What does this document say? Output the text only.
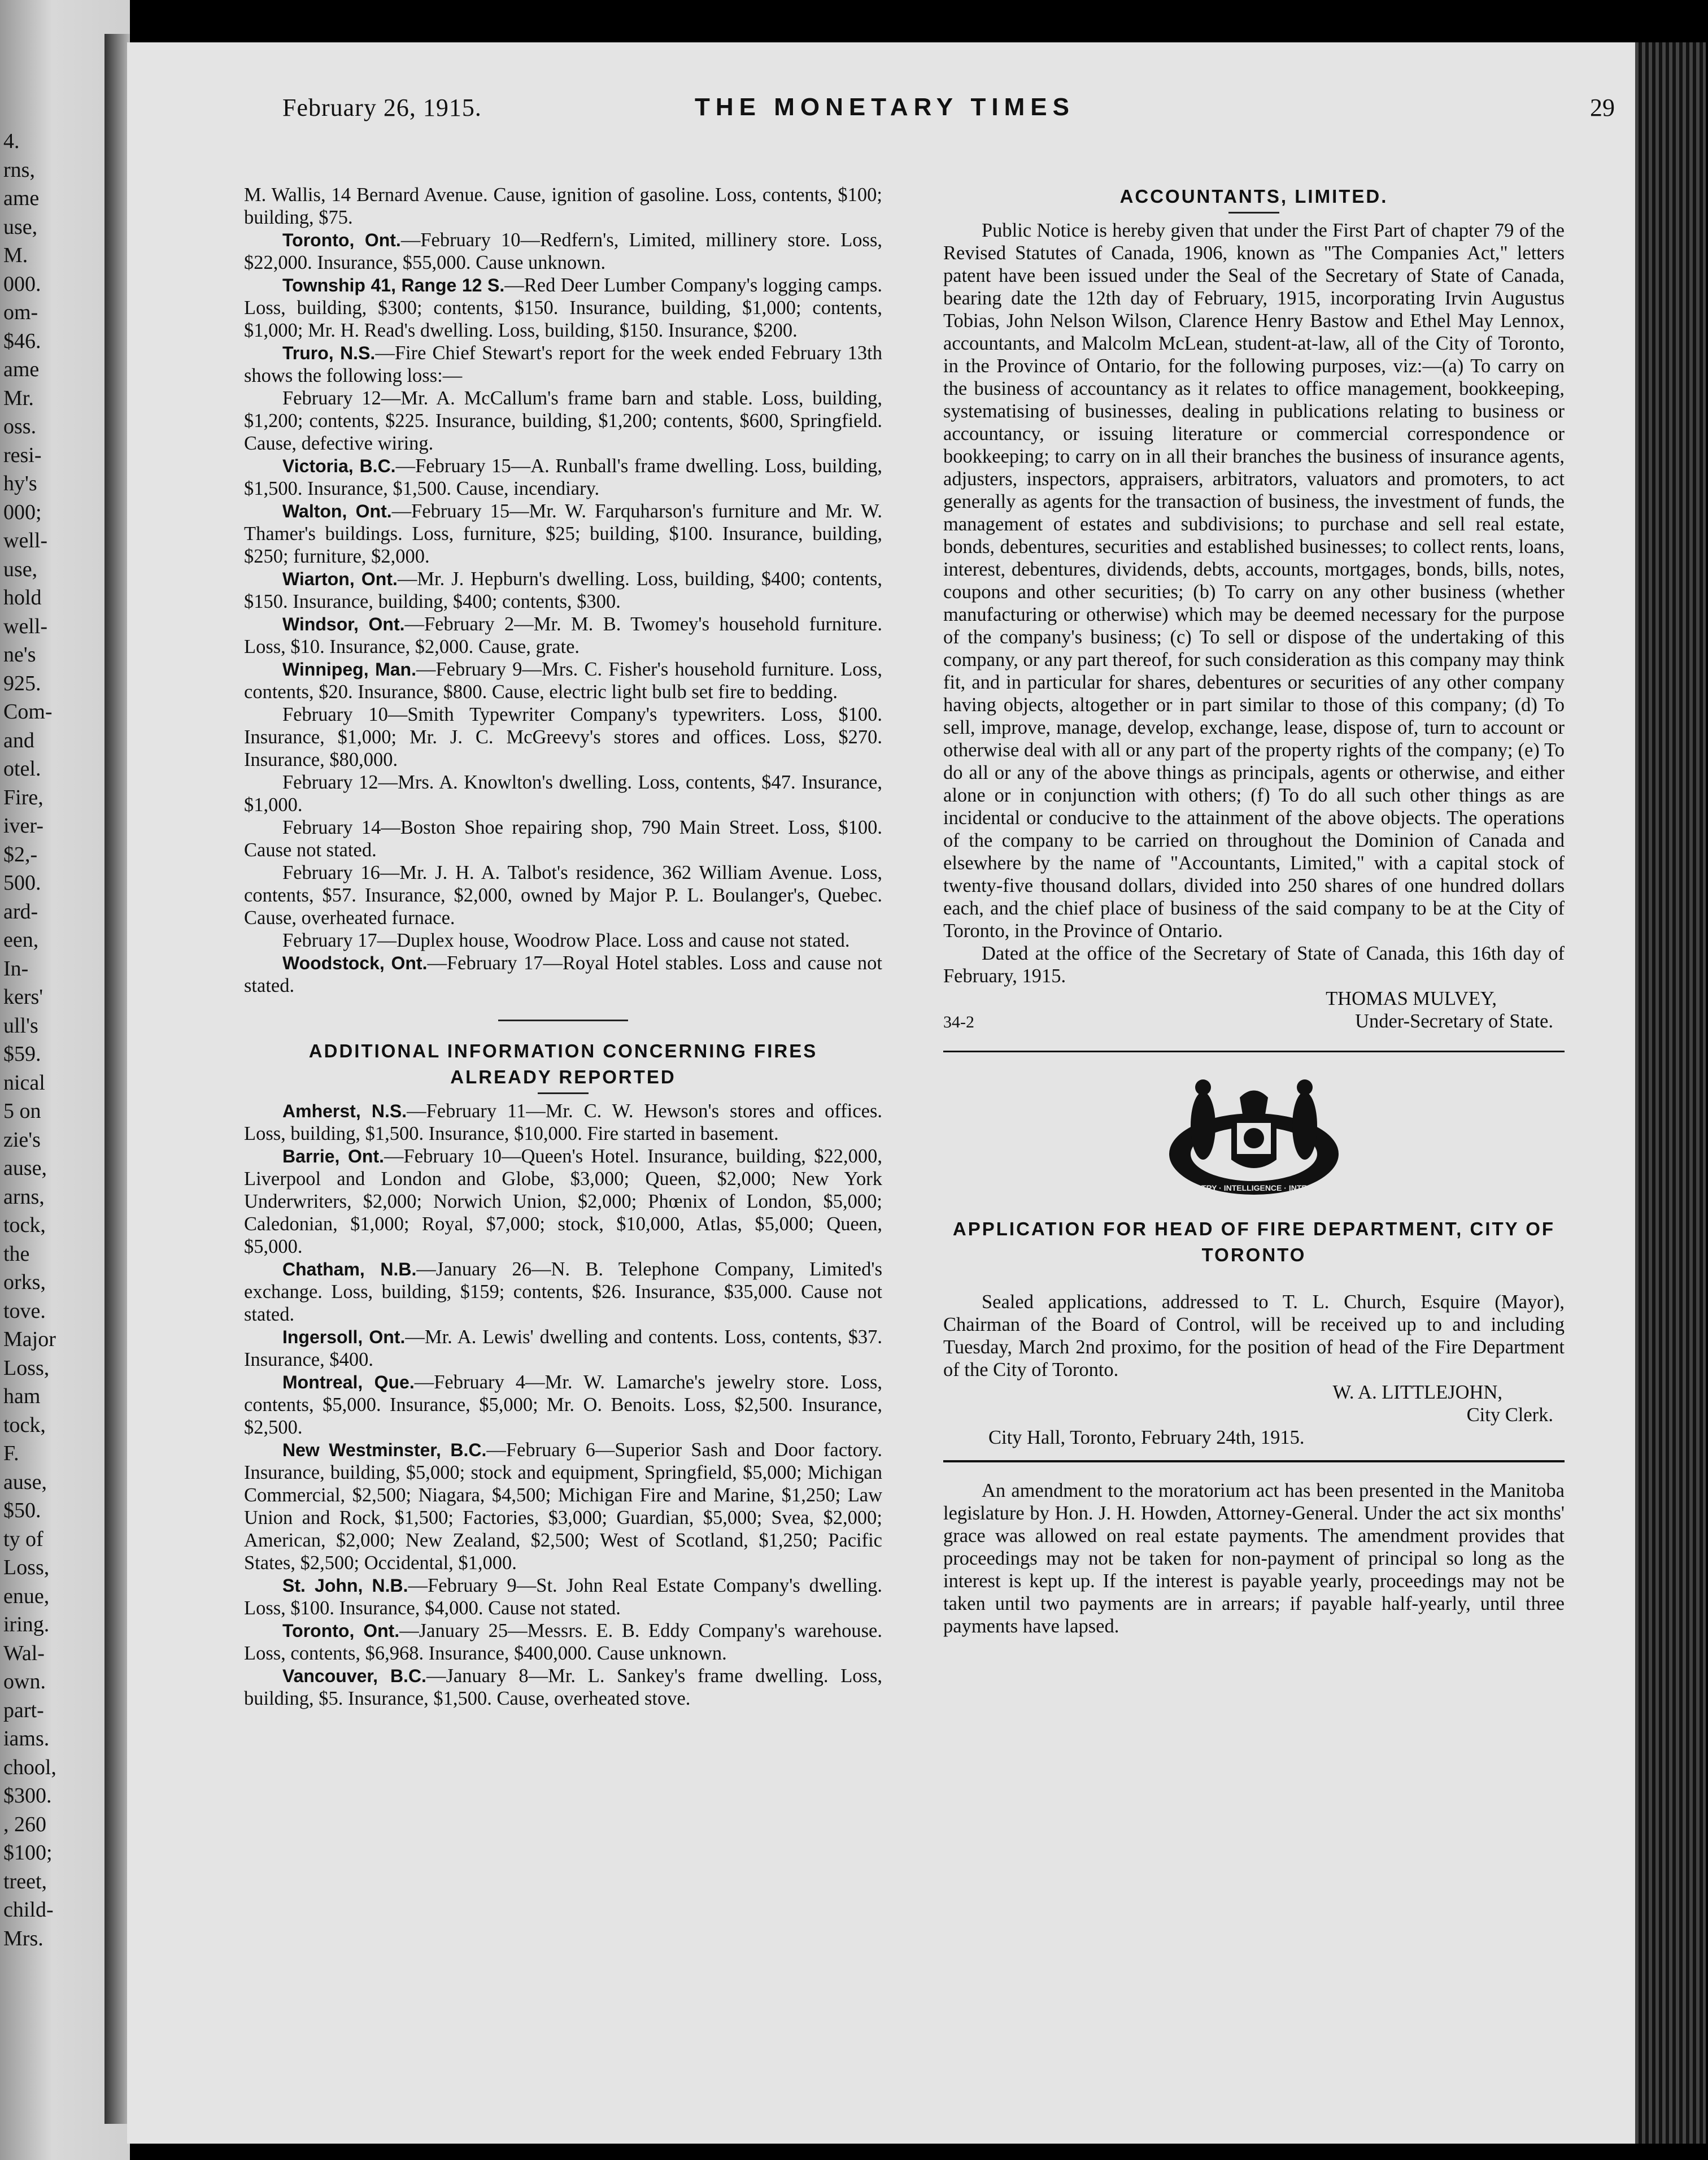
4.
rns,
ame
use,
M.
000.
om-
$46.
ame
Mr.
oss.
resi-
hy's
000;
well-
use,
hold
well-
ne's
925.
Com-
and
otel.
Fire,
iver-
$2,-
500.
ard-
een,
In-
kers'
ull's
$59.
nical
5 on
zie's
ause,
arns,
tock,
the
orks,
tove.
Major
Loss,
ham
tock,
F.
ause,
$50.
ty of
Loss,
enue,
iring.
Wal-
own.
part-
iams.
chool,
$300.
, 260
$100;
treet,
child-
Mrs.
February 26, 1915.	THE MONETARY TIMES	29

M. Wallis, 14 Bernard Avenue. Cause, ignition of gasoline. Loss, contents, $100; building, $75.

Toronto, Ont.—February 10—Redfern's, Limited, millinery store. Loss, $22,000. Insurance, $55,000. Cause unknown.

Township 41, Range 12 S.—Red Deer Lumber Company's logging camps. Loss, building, $300; contents, $150. Insurance, building, $1,000; contents, $1,000; Mr. H. Read's dwelling. Loss, building, $150. Insurance, $200.

Truro, N.S.—Fire Chief Stewart's report for the week ended February 13th shows the following loss:—

February 12—Mr. A. McCallum's frame barn and stable. Loss, building, $1,200; contents, $225. Insurance, building, $1,200; contents, $600, Springfield. Cause, defective wiring.

Victoria, B.C.—February 15—A. Runball's frame dwelling. Loss, building, $1,500. Insurance, $1,500. Cause, incendiary.

Walton, Ont.—February 15—Mr. W. Farquharson's furniture and Mr. W. Thamer's buildings. Loss, furniture, $25; building, $100. Insurance, building, $250; furniture, $2,000.

Wiarton, Ont.—Mr. J. Hepburn's dwelling. Loss, building, $400; contents, $150. Insurance, building, $400; contents, $300.

Windsor, Ont.—February 2—Mr. M. B. Twomey's household furniture. Loss, $10. Insurance, $2,000. Cause, grate.

Winnipeg, Man.—February 9—Mrs. C. Fisher's household furniture. Loss, contents, $20. Insurance, $800. Cause, electric light bulb set fire to bedding.

February 10—Smith Typewriter Company's typewriters. Loss, $100. Insurance, $1,000; Mr. J. C. McGreevy's stores and offices. Loss, $270. Insurance, $80,000.

February 12—Mrs. A. Knowlton's dwelling. Loss, contents, $47. Insurance, $1,000.

February 14—Boston Shoe repairing shop, 790 Main Street. Loss, $100. Cause not stated.

February 16—Mr. J. H. A. Talbot's residence, 362 William Avenue. Loss, contents, $57. Insurance, $2,000, owned by Major P. L. Boulanger's, Quebec. Cause, overheated furnace.

February 17—Duplex house, Woodrow Place. Loss and cause not stated.

Woodstock, Ont.—February 17—Royal Hotel stables. Loss and cause not stated.

ADDITIONAL INFORMATION CONCERNING FIRES ALREADY REPORTED

Amherst, N.S.—February 11—Mr. C. W. Hewson's stores and offices. Loss, building, $1,500. Insurance, $10,000. Fire started in basement.

Barrie, Ont.—February 10—Queen's Hotel. Insurance, building, $22,000, Liverpool and London and Globe, $3,000; Queen, $2,000; New York Underwriters, $2,000; Norwich Union, $2,000; Phœnix of London, $5,000; Caledonian, $1,000; Royal, $7,000; stock, $10,000, Atlas, $5,000; Queen, $5,000.

Chatham, N.B.—January 26—N. B. Telephone Company, Limited's exchange. Loss, building, $159; contents, $26. Insurance, $35,000. Cause not stated.

Ingersoll, Ont.—Mr. A. Lewis' dwelling and contents. Loss, contents, $37. Insurance, $400.

Montreal, Que.—February 4—Mr. W. Lamarche's jewelry store. Loss, contents, $5,000. Insurance, $5,000; Mr. O. Benoits. Loss, $2,500. Insurance, $2,500.

New Westminster, B.C.—February 6—Superior Sash and Door factory. Insurance, building, $5,000; stock and equipment, Springfield, $5,000; Michigan Commercial, $2,500; Niagara, $4,500; Michigan Fire and Marine, $1,250; Law Union and Rock, $1,500; Factories, $3,000; Guardian, $5,000; Svea, $2,000; American, $2,000; New Zealand, $2,500; West of Scotland, $1,250; Pacific States, $2,500; Occidental, $1,000.

St. John, N.B.—February 9—St. John Real Estate Company's dwelling. Loss, $100. Insurance, $4,000. Cause not stated.

Toronto, Ont.—January 25—Messrs. E. B. Eddy Company's warehouse. Loss, contents, $6,968. Insurance, $400,000. Cause unknown.

Vancouver, B.C.—January 8—Mr. L. Sankey's frame dwelling. Loss, building, $5. Insurance, $1,500. Cause, overheated stove.

ACCOUNTANTS, LIMITED.

Public Notice is hereby given that under the First Part of chapter 79 of the Revised Statutes of Canada, 1906, known as "The Companies Act," letters patent have been issued under the Seal of the Secretary of State of Canada, bearing date the 12th day of February, 1915, incorporating Irvin Augustus Tobias, John Nelson Wilson, Clarence Henry Bastow and Ethel May Lennox, accountants, and Malcolm McLean, student-at-law, all of the City of Toronto, in the Province of Ontario, for the following purposes, viz:—(a) To carry on the business of accountancy as it relates to office management, bookkeeping, systematising of businesses, dealing in publications relating to business or accountancy, or issuing literature or commercial correspondence or bookkeeping; to carry on in all their branches the business of insurance agents, adjusters, inspectors, appraisers, arbitrators, valuators and promoters, to act generally as agents for the transaction of business, the investment of funds, the management of estates and subdivisions; to purchase and sell real estate, bonds, debentures, securities and established businesses; to collect rents, loans, interest, debentures, dividends, debts, accounts, mortgages, bonds, bills, notes, coupons and other securities; (b) To carry on any other business (whether manufacturing or otherwise) which may be deemed necessary for the purpose of the company's business; (c) To sell or dispose of the undertaking of this company, or any part thereof, for such consideration as this company may think fit, and in particular for shares, debentures or securities of any other company having objects, altogether or in part similar to those of this company; (d) To sell, improve, manage, develop, exchange, lease, dispose of, turn to account or otherwise deal with all or any part of the property rights of the company; (e) To do all or any of the above things as principals, agents or otherwise, and either alone or in conjunction with others; (f) To do all such other things as are incidental or conducive to the attainment of the above objects. The operations of the company to be carried on throughout the Dominion of Canada and elsewhere by the name of "Accountants, Limited," with a capital stock of twenty-five thousand dollars, divided into 250 shares of one hundred dollars each, and the chief place of business of the said company to be at the City of Toronto, in the Province of Ontario.

Dated at the office of the Secretary of State of Canada, this 16th day of February, 1915.

THOMAS MULVEY,

34-2	Under-Secretary of State.
INDUSTRY · INTELLIGENCE · INTEGRITY
APPLICATION FOR HEAD OF FIRE DEPARTMENT, CITY OF TORONTO

Sealed applications, addressed to T. L. Church, Esquire (Mayor), Chairman of the Board of Control, will be received up to and including Tuesday, March 2nd proximo, for the position of head of the Fire Department of the City of Toronto.

W. A. LITTLEJOHN,

City Clerk.

City Hall, Toronto, February 24th, 1915.

An amendment to the moratorium act has been presented in the Manitoba legislature by Hon. J. H. Howden, Attorney-General. Under the act six months' grace was allowed on real estate payments. The amendment provides that proceedings may not be taken for non-payment of principal so long as the interest is kept up. If the interest is payable yearly, proceedings may not be taken until two payments are in arrears; if payable half-yearly, until three payments have lapsed.
